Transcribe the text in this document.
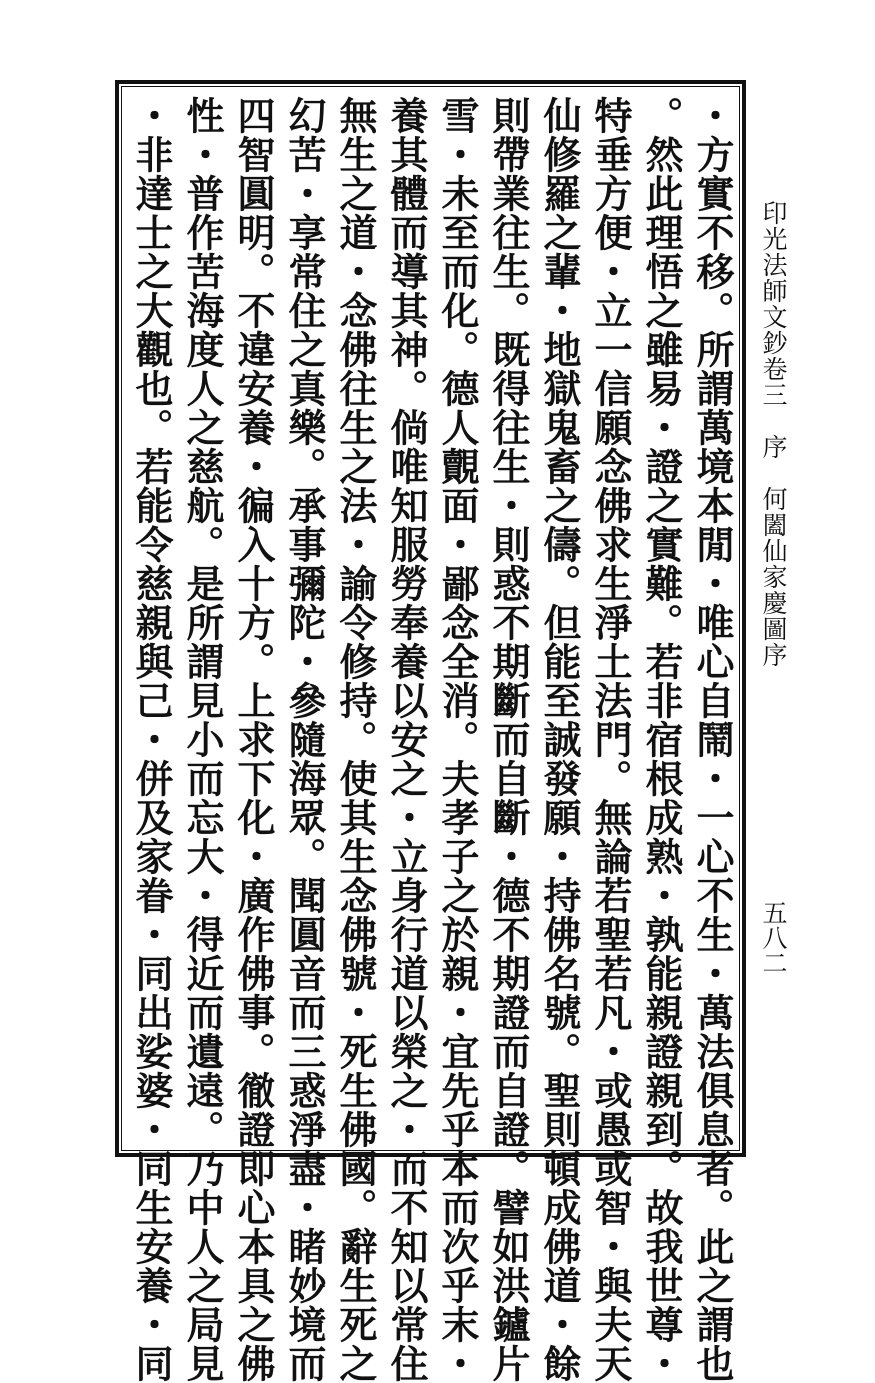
・方實不移。所謂萬境本閒・唯心自鬧・一心不生・萬法俱息者。此之謂也
。然此理悟之雖易・證之實難。若非宿根成熟・孰能親證親到。故我世尊・
特垂方便・立一信願念佛求生淨土法門。無論若聖若凡・或愚或智・與夫天
仙修羅之輩・地獄鬼畜之儔。但能至誠發願・持佛名號。聖則頓成佛道・餘
則帶業往生。既得往生・則惑不期斷而自斷・德不期證而自證。譬如洪鑪片
雪・未至而化。德人覿面・鄙念全消。夫孝子之於親・宜先乎本而次乎末・
養其體而導其神。倘唯知服勞奉養以安之・立身行道以榮之・而不知以常住
無生之道・念佛往生之法・諭令修持。使其生念佛號・死生佛國。辭生死之
幻苦・享常住之真樂。承事彌陀・參隨海眾。聞圓音而三惑淨盡・睹妙境而
四智圓明。不違安養・徧入十方。上求下化・廣作佛事。徹證即心本具之佛
性・普作苦海度人之慈航。是所謂見小而忘大・得近而遺遠。乃中人之局見
・非達士之大觀也。若能令慈親與己・併及家眷・同出娑婆・同生安養・同	印光法師文鈔卷三　序　何闔仙家慶圖序
五八二
